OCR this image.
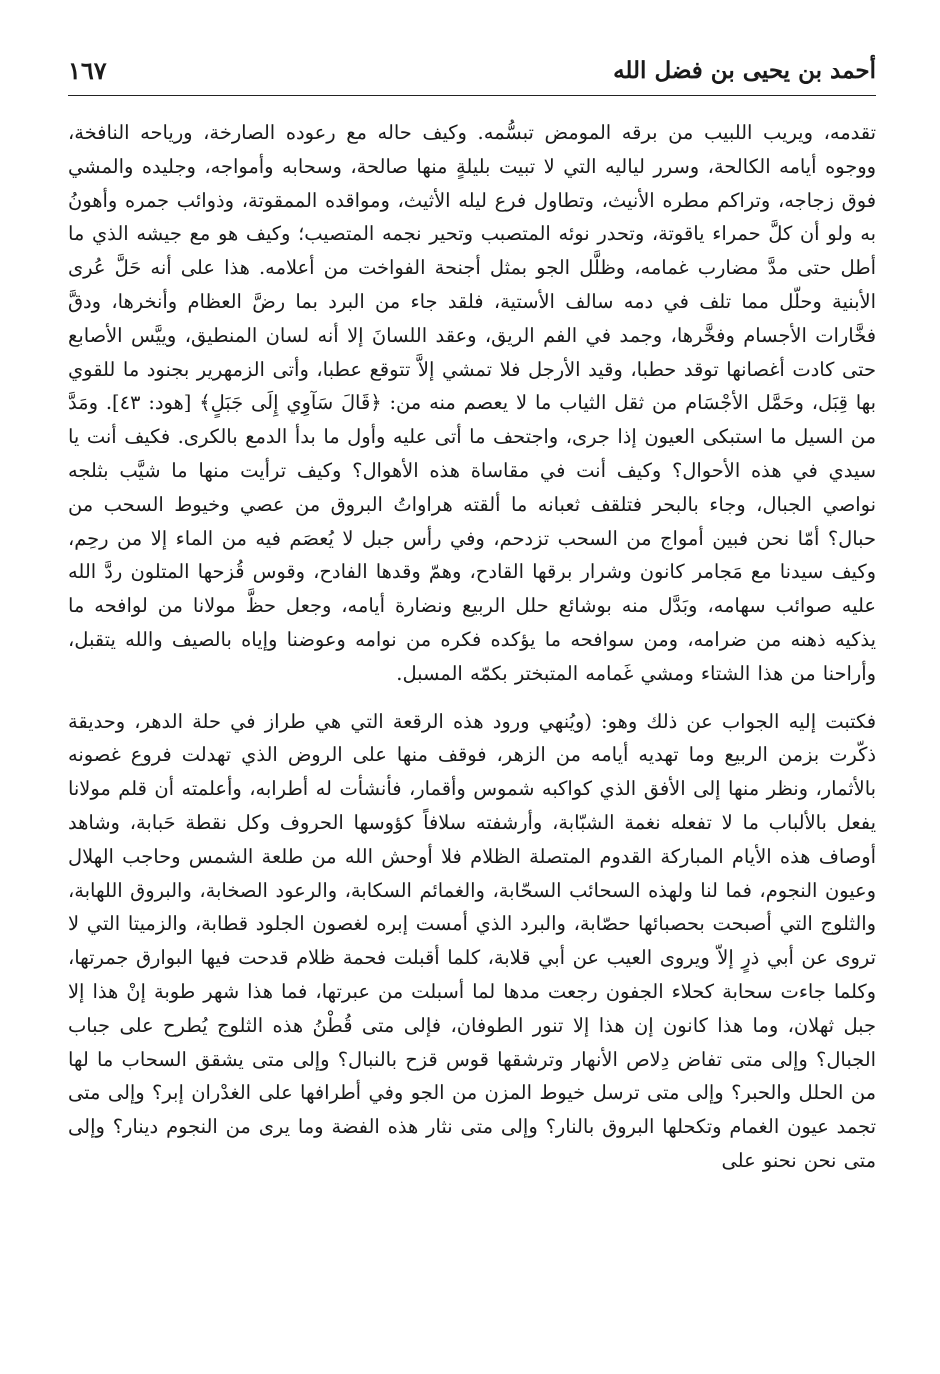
أحمد بن يحيى بن فضل الله
١٦٧

تقدمه، ويريب اللبيب من برقه المومض تبسُّمه. وكيف حاله مع رعوده الصارخة، ورياحه النافخة، ووجوه أيامه الكالحة، وسرر لياليه التي لا تبيت بليلةٍ منها صالحة، وسحابه وأمواجه، وجليده والمشي فوق زجاجه، وتراكم مطره الأنيث، وتطاول فرع ليله الأثيث، ومواقده الممقوتة، وذوائب جمره وأهونُ به ولو أن كلَّ حمراء ياقوتة، وتحدر نوئه المتصبب وتحير نجمه المتصيب؛ وكيف هو مع جيشه الذي ما أطل حتى مدَّ مضارب غمامه، وظلَّل الجو بمثل أجنحة الفواخت من أعلامه. هذا على أنه حَلَّ عُرى الأبنية وحلّل مما تلف في دمه سالف الأستية، فلقد جاء من البرد بما رضَّ العظام وأنخرها، ودقَّ فخَّارات الأجسام وفخَّرها، وجمد في الفم الريق، وعقد اللسانَ إلا أنه لسان المنطيق، وييَّس الأصابع حتى كادت أغصانها توقد حطبا، وقيد الأرجل فلا تمشي إلاَّ تتوقع عطبا، وأتى الزمهرير بجنود ما للقوي بها قِبَل، وحَمَّل الأجْسَام من ثقل الثياب ما لا يعصم منه من: ﴿قَالَ سَآوِي إِلَى جَبَلٍ﴾ [هود: ٤٣]. ومَدَّ من السيل ما استبكى العيون إذا جرى، واجتحف ما أتى عليه وأول ما بدأ الدمع بالكرى. فكيف أنت يا سيدي في هذه الأحوال؟ وكيف أنت في مقاساة هذه الأهوال؟ وكيف ترأيت منها ما شيَّب بثلجه نواصي الجبال، وجاء بالبحر فتلقف ثعبانه ما ألقته هراواتُ البروق من عصي وخيوط السحب من حبال؟ أمّا نحن فبين أمواج من السحب تزدحم، وفي رأس جبل لا يُعصَم فيه من الماء إلا من رحِم، وكيف سيدنا مع مَجامر كانون وشرار برقها القادح، وهمّ وقدها الفادح، وقوس قُزحها المتلون ردَّ الله عليه صوائب سهامه، وبَدَّل منه بوشائع حلل الربيع ونضارة أيامه، وجعل حظَّ مولانا من لوافحه ما يذكيه ذهنه من ضرامه، ومن سوافحه ما يؤكده فكره من نوامه وعوضنا وإياه بالصيف والله يتقبل، وأراحنا من هذا الشتاء ومشي غَمامه المتبختر بكمّه المسبل.

فكتبت إليه الجواب عن ذلك وهو: (ويُنهي ورود هذه الرقعة التي هي طراز في حلة الدهر، وحديقة ذكّرت بزمن الربيع وما تهديه أيامه من الزهر، فوقف منها على الروض الذي تهدلت فروع غصونه بالأثمار، ونظر منها إلى الأفق الذي كواكبه شموس وأقمار، فأنشأت له أطرابه، وأعلمته أن قلم مولانا يفعل بالألباب ما لا تفعله نغمة الشبّابة، وأرشفته سلافاً كؤوسها الحروف وكل نقطة حَبابة، وشاهد أوصاف هذه الأيام المباركة القدوم المتصلة الظلام فلا أوحش الله من طلعة الشمس وحاجب الهلال وعيون النجوم، فما لنا ولهذه السحائب السحّابة، والغمائم السكابة، والرعود الصخابة، والبروق اللهابة، والثلوج التي أصبحت بحصبائها حصّابة، والبرد الذي أمست إبره لغصون الجلود قطابة، والزميتا التي لا تروى عن أبي ذرٍ إلاّ ويروى العيب عن أبي قلابة، كلما أقبلت فحمة ظلام قدحت فيها البوارق جمرتها، وكلما جاءت سحابة كحلاء الجفون رجعت مدها لما أسبلت من عبرتها، فما هذا شهر طوبة إنْ هذا إلا جبل ثهلان، وما هذا كانون إن هذا إلا تنور الطوفان، فإلى متى قُطْنُ هذه الثلوج يُطرح على جباب الجبال؟ وإلى متى تفاض دِلاص الأنهار وترشقها قوس قزح بالنبال؟ وإلى متى يشقق السحاب ما لها من الحلل والحبر؟ وإلى متى ترسل خيوط المزن من الجو وفي أطرافها على الغدْران إبر؟ وإلى متى تجمد عيون الغمام وتكحلها البروق بالنار؟ وإلى متى نثار هذه الفضة وما يرى من النجوم دينار؟ وإلى متى نحن نحنو على
